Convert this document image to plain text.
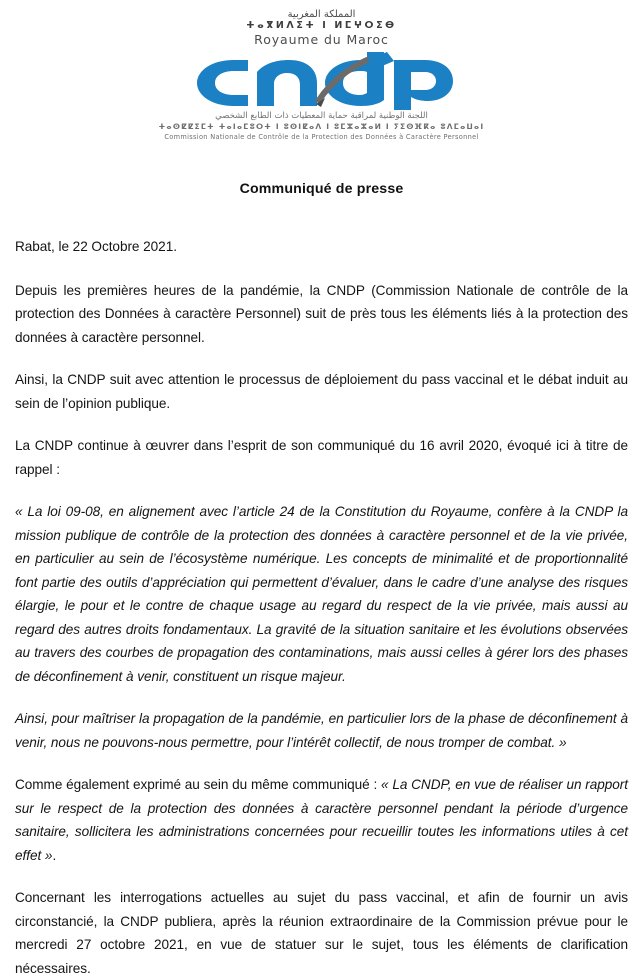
المملكة المغربية
ⵜⴰⴳⵍⴷⵉⵜ ⵏ ⵍⵎⵖⵔⵉⴱ
Royaume du Maroc
اللجنة الوطنية لمراقبة حماية المعطيات ذات الطابع الشخصي
ⵜⴰⵙⵇⵇⵉⵎⵜ ⵜⴰⵏⴰⵎⵓⵔⵜ ⵏ ⵓⵙⵏⵇⴰⴷ ⵏ ⵓⵎⵣⴰⵣⴰⵍ ⵏ ⵢⵉⵙⴼⴽⴰ ⵓⴷⵎⴰⵡⴰⵏ
Commission Nationale de Contrôle de la Protection des Données à Caractère Personnel
Communiqué de presse

Rabat, le 22 Octobre 2021.

Depuis les premières heures de la pandémie, la CNDP (Commission Nationale de contrôle de la protection des Données à caractère Personnel) suit de près tous les éléments liés à la protection des données à caractère personnel.

Ainsi, la CNDP suit avec attention le processus de déploiement du pass vaccinal et le débat induit au sein de l’opinion publique.

La CNDP continue à œuvrer dans l’esprit de son communiqué du 16 avril 2020, évoqué ici à titre de rappel :

« La loi 09-08, en alignement avec l’article 24 de la Constitution du Royaume, confère à la CNDP la mission publique de contrôle de la protection des données à caractère personnel et de la vie privée, en particulier au sein de l’écosystème numérique. Les concepts de minimalité et de proportionnalité font partie des outils d’appréciation qui permettent d’évaluer, dans le cadre d’une analyse des risques élargie, le pour et le contre de chaque usage au regard du respect de la vie privée, mais aussi au regard des autres droits fondamentaux. La gravité de la situation sanitaire et les évolutions observées au travers des courbes de propagation des contaminations, mais aussi celles à gérer lors des phases de déconfinement à venir, constituent un risque majeur.

Ainsi, pour maîtriser la propagation de la pandémie, en particulier lors de la phase de déconfinement à venir, nous ne pouvons-nous permettre, pour l’intérêt collectif, de nous tromper de combat. »

Comme également exprimé au sein du même communiqué : « La CNDP, en vue de réaliser un rapport sur le respect de la protection des données à caractère personnel pendant la période d’urgence sanitaire, sollicitera les administrations concernées pour recueillir toutes les informations utiles à cet effet ».

Concernant les interrogations actuelles au sujet du pass vaccinal, et afin de fournir un avis circonstancié, la CNDP publiera, après la réunion extraordinaire de la Commission prévue pour le mercredi 27 octobre 2021, en vue de statuer sur le sujet, tous les éléments de clarification nécessaires.
